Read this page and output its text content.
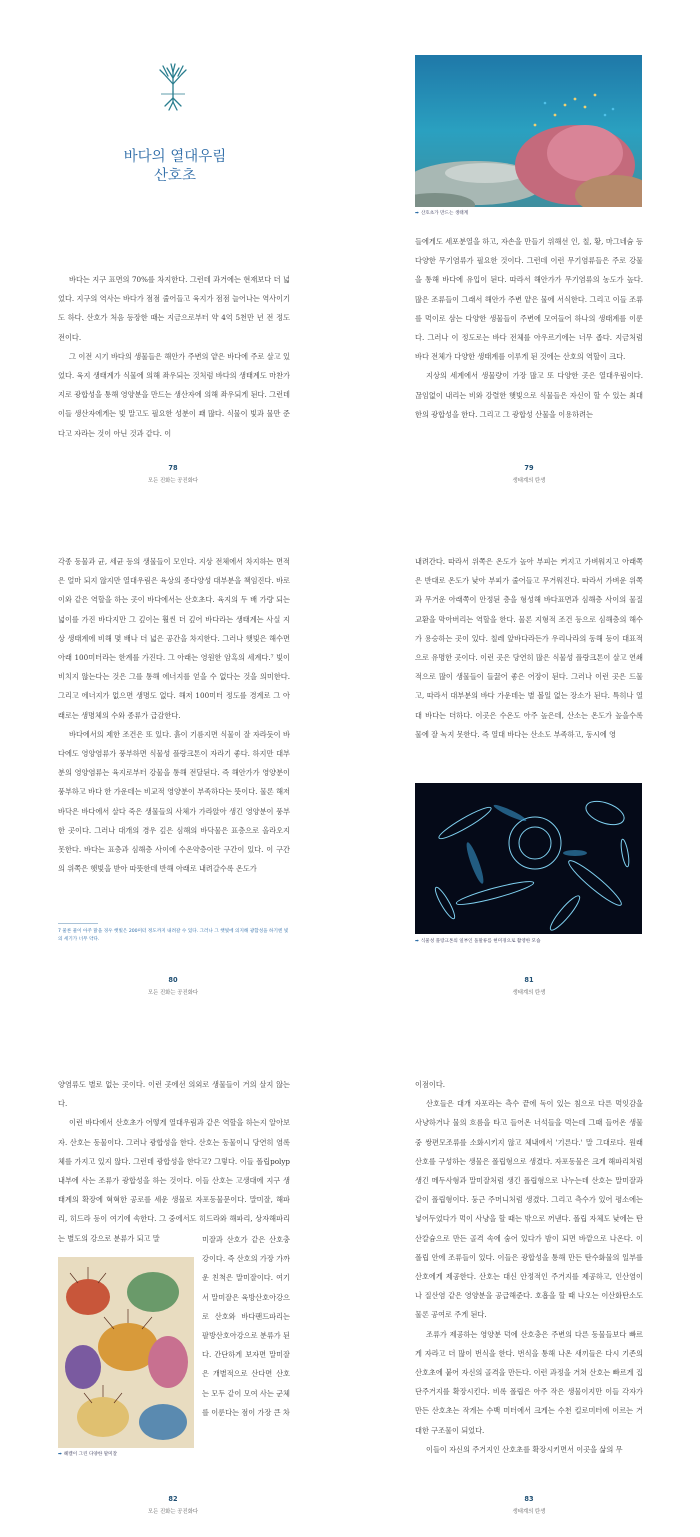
바다의 열대우림
산호초

바다는 지구 표면의 70%를 차지한다. 그런데 과거에는 현재보다 더 넓었다. 지구의 역사는 바다가 점점 줄어들고 육지가 점점 늘어나는 역사이기도 하다. 산호가 처음 등장한 때는 지금으로부터 약 4억 5천만 년 전 정도 전이다.

그 이전 시기 바다의 생물들은 해안가 주변의 얕은 바다에 주로 살고 있었다. 육지 생태계가 식물에 의해 좌우되는 것처럼 바다의 생태계도 마찬가지로 광합성을 통해 영양분을 만드는 생산자에 의해 좌우되게 된다. 그런데 이들 생산자에게는 빛 말고도 필요한 성분이 꽤 많다. 식물이 빛과 물만 준다고 자라는 것이 아닌 것과 같다. 이

78
모든 진화는 공진화다
➡ 산호초가 만드는 생태계

들에게도 세포분열을 하고, 자손을 만들기 위해선 인, 칠, 황, 마그네슘 등 다양한 무기염류가 필요한 것이다. 그런데 이런 무기염류들은 주로 강물을 통해 바다에 유입이 된다. 따라서 해안가가 무기염류의 농도가 높다. 많은 조류들이 그래서 해안가 주변 얕은 물에 서식한다. 그리고 이들 조류를 먹이로 삼는 다양한 생물들이 주변에 모여들어 하나의 생태계를 이룬다. 그러나 이 정도로는 바다 전체를 아우르기에는 너무 좁다. 지금처럼 바다 전체가 다양한 생태계를 이루게 된 것에는 산호의 역할이 크다.

지상의 세계에서 생물량이 가장 많고 또 다양한 곳은 열대우림이다. 끊임없이 내리는 비와 강렬한 햇빛으로 식물들은 자신이 할 수 있는 최대한의 광합성을 한다. 그리고 그 광합성 산물을 이용하려는

79
생태계의 탄생

각종 동물과 균, 세균 등의 생물들이 모인다. 지상 전체에서 차지하는 면적은 얼마 되지 않지만 열대우림은 육상의 종다양성 대부분을 책임진다. 바로 이와 같은 역할을 하는 곳이 바다에서는 산호초다. 육지의 두 배 가량 되는 넓이를 가진 바다지만 그 깊이는 훨씬 더 깊어 바다라는 생태계는 사실 지상 생태계에 비해 몇 배나 더 넓은 공간을 차지한다. 그러나 햇빛은 해수면 아래 100미터라는 한계를 가진다. 그 아래는 영원한 암흑의 세계다.⁷ 빛이 비치지 않는다는 것은 그를 통해 에너지를 얻을 수 없다는 것을 의미한다. 그리고 에너지가 없으면 생명도 없다. 해저 100미터 정도를 경계로 그 아래로는 생명체의 수와 종류가 급감한다.

바다에서의 제한 조건은 또 있다. 흙이 기름지면 식물이 잘 자라듯이 바다에도 영양염류가 풍부하면 식물성 플랑크톤이 자라기 좋다. 하지만 대부분의 영양염류는 육지로부터 강물을 통해 전달된다. 즉 해안가가 영양분이 풍부하고 바다 한 가운데는 비교적 영양분이 부족하다는 뜻이다. 물론 해저 바닥은 바다에서 살다 죽은 생물들의 사체가 가라앉아 생긴 영양분이 풍부한 곳이다. 그러나 대개의 경우 깊은 심해의 바닥물은 표층으로 올라오지 못한다. 바다는 표층과 심해층 사이에 수온약층이란 구간이 있다. 이 구간의 위쪽은 햇빛을 받아 따뜻한데 반해 아래로 내려갈수록 온도가

7 물론 물이 아주 맑을 경우 햇빛은 200미터 정도까지 내려갈 수 있다. 그러나 그 햇빛에 의지해 광합성을 하기엔 빛의 세기가 너무 약다.
80
모든 진화는 공진화다

내려간다. 따라서 위쪽은 온도가 높아 부피는 커지고 가벼워지고 아래쪽은 반대로 온도가 낮아 부피가 줄어들고 무거워진다. 따라서 가벼운 위쪽과 무거운 아래쪽이 안정된 층을 형성해 바다표면과 심해층 사이의 물질교환을 막아버리는 역할을 한다. 물론 지형적 조건 등으로 심해층의 해수가 용승하는 곳이 있다. 칠레 앞바다라든가 우리나라의 동해 등이 대표적으로 유명한 곳이다. 이런 곳은 당연히 많은 식물성 플랑크톤이 살고 연쇄적으로 많이 생물들이 들끓어 좋은 어장이 된다. 그러나 이런 곳은 드물고, 따라서 대부분의 바다 가운데는 별 볼일 없는 장소가 된다. 특히나 열대 바다는 더하다. 이곳은 수온도 아주 높은데, 산소는 온도가 높을수록 물에 잘 녹지 못한다. 즉 열대 바다는 산소도 부족하고, 동시에 영

➡ 식물성 플랑크톤의 일부인 돌말류를 현미경으로 촬영한 모습
81
생태계의 탄생

양염류도 별로 없는 곳이다. 이런 곳에선 의외로 생물들이 거의 살지 않는다.

이런 바다에서 산호초가 어떻게 열대우림과 같은 역할을 하는지 알아보자. 산호는 동물이다. 그러나 광합성을 한다. 산호는 동물이니 당연히 염록체를 가지고 있지 않다. 그런데 광합성을 한다고? 그렇다. 이들 폴립polyp 내부에 사는 조류가 광합성을 하는 것이다. 이들 산호는 고생대에 지구 생태계의 확장에 혁혁한 공로를 세운 생물로 자포동물문이다. 말미잘, 해파리, 히드라 등이 여기에 속한다. 그 중에서도 히드라와 해파리, 상자해파리는 별도의 강으로 분류가 되고 말

➡ 헤켈이 그린 다양한 말미잘

미잘과 산호가 같은 산호충강이다. 즉 산호의 가장 가까운 친척은 말미잘이다. 여기서 말미잘은 육방산호아강으로 산호와 바다팬드파리는 팔방산호아강으로 분류가 된다. 간단하게 보자면 말미잘은 개별적으로 산다면 산호는 모두 같이 모여 사는 군체를 이룬다는 점이 가장 큰 차

82
모든 진화는 공진화다

이점이다.

산호들은 대개 자포라는 측수 끝에 독이 있는 침으로 다른 먹잇감을 사냥하거나 물의 흐름을 타고 들어온 너석들을 먹는데 그때 들어온 생물 중 쌍편모조류를 소화시키지 않고 체내에서 '기른다.' 말 그대로다. 원래 산호를 구성하는 생물은 폴립형으로 생겼다. 자포동물은 크게 해파리처럼 생긴 메두사형과 말미잘처럼 생긴 폴립형으로 나누는데 산호는 말미잘과 같이 폴립형이다. 둥근 주머니처럼 생겼다. 그리고 측수가 있어 평소에는 넣어두었다가 먹이 사냥을 할 때는 밖으로 꺼낸다. 폴립 자체도 낮에는 탄산칼슘으로 만든 골격 속에 숨어 있다가 밤이 되면 바깥으로 나온다. 이 폴립 안에 조류들이 있다. 이들은 광합성을 통해 만든 탄수화물의 일부를 산호에게 제공한다. 산호는 대신 안정적인 주거지를 제공하고, 인산염이나 질산염 같은 영양분을 공급해준다. 호흡을 할 때 나오는 이산화탄소도 물론 공여로 주게 된다.

조류가 제공하는 영양분 덕에 산호충은 주변의 다른 동물들보다 빠르게 자라고 더 많이 번식을 한다. 번식을 통해 나온 새끼들은 다시 기존의 산호초에 붙어 자신의 골격을 만든다. 이런 과정을 거쳐 산호는 빠르게 집단주거지를 확장시킨다. 비록 폴립은 아주 작은 생물이지만 이들 각자가 만든 산호초는 작게는 수백 미터에서 크게는 수천 킬로미터에 이르는 거대한 구조물이 되었다.

이들이 자신의 주거지인 산호초를 확장시키면서 이곳을 삶의 무

83
생태계의 탄생
